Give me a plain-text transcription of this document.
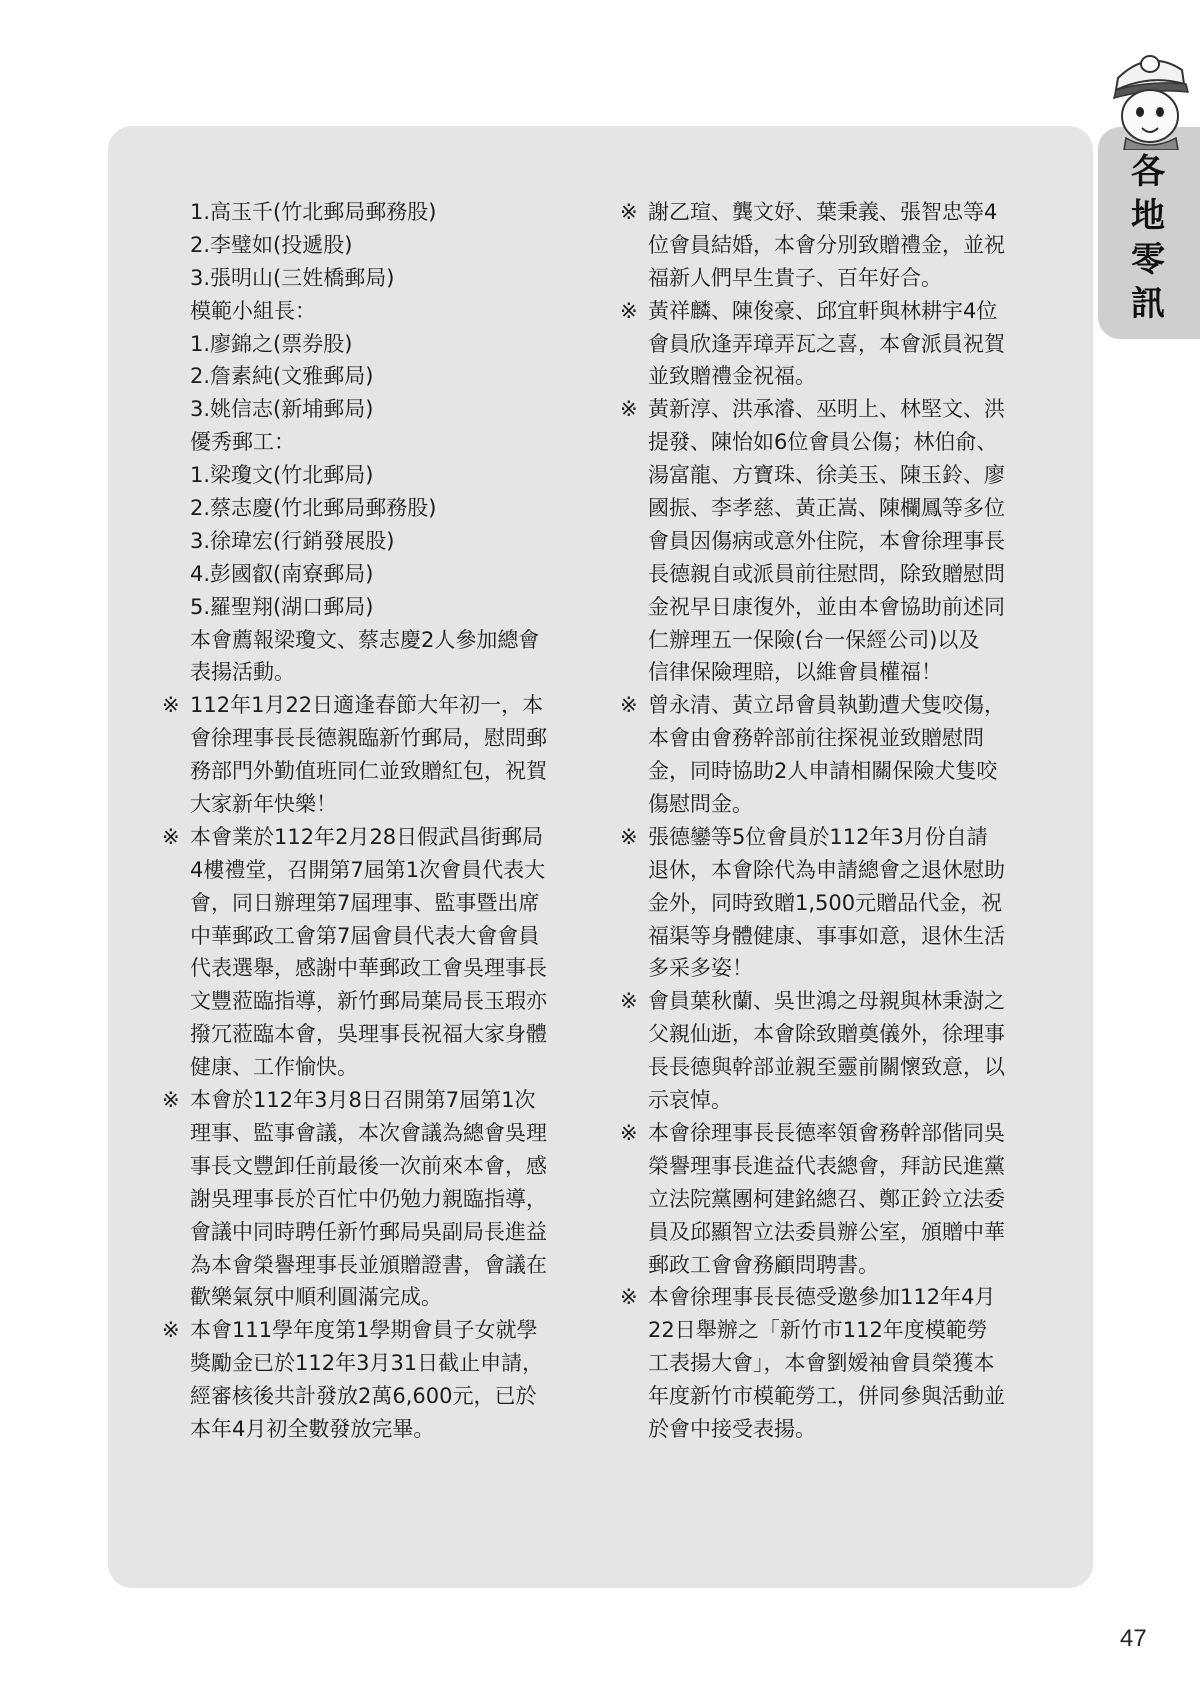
各
地
零
訊
1.高玉千(竹北郵局郵務股)
2.李璧如(投遞股)
3.張明山(三姓橋郵局)
模範小組長：
1.廖錦之(票券股)
2.詹素純(文雅郵局)
3.姚信志(新埔郵局)
優秀郵工：
1.梁瓊文(竹北郵局)
2.蔡志慶(竹北郵局郵務股)
3.徐瑋宏(行銷發展股)
4.彭國叡(南寮郵局)
5.羅聖翔(湖口郵局)
本會薦報梁瓊文、蔡志慶2人參加總會
表揚活動。
※ 112年1月22日適逢春節大年初一，本
會徐理事長長德親臨新竹郵局，慰問郵
務部門外勤值班同仁並致贈紅包，祝賀
大家新年快樂！
※ 本會業於112年2月28日假武昌街郵局
4樓禮堂，召開第7屆第1次會員代表大
會，同日辦理第7屆理事、監事暨出席
中華郵政工會第7屆會員代表大會會員
代表選舉，感謝中華郵政工會吳理事長
文豐蒞臨指導，新竹郵局葉局長玉瑕亦
撥冗蒞臨本會，吳理事長祝福大家身體
健康、工作愉快。
※ 本會於112年3月8日召開第7屆第1次
理事、監事會議，本次會議為總會吳理
事長文豐卸任前最後一次前來本會，感
謝吳理事長於百忙中仍勉力親臨指導，
會議中同時聘任新竹郵局吳副局長進益
為本會榮譽理事長並頒贈證書，會議在
歡樂氣氛中順利圓滿完成。
※ 本會111學年度第1學期會員子女就學
獎勵金已於112年3月31日截止申請，
經審核後共計發放2萬6,600元，已於
本年4月初全數發放完畢。
※ 謝乙瑄、龔文妤、葉秉義、張智忠等4
位會員結婚，本會分別致贈禮金，並祝
福新人們早生貴子、百年好合。
※ 黃祥麟、陳俊豪、邱宜軒與林耕宇4位
會員欣逢弄璋弄瓦之喜，本會派員祝賀
並致贈禮金祝福。
※ 黃新淳、洪承濬、巫明上、林堅文、洪
提發、陳怡如6位會員公傷；林伯俞、
湯富龍、方寶珠、徐美玉、陳玉鈴、廖
國振、李孝慈、黃正嵩、陳欄鳳等多位
會員因傷病或意外住院，本會徐理事長
長德親自或派員前往慰問，除致贈慰問
金祝早日康復外，並由本會協助前述同
仁辦理五一保險(台一保經公司)以及
信律保險理賠，以維會員權福！
※ 曾永清、黃立昂會員執勤遭犬隻咬傷，
本會由會務幹部前往探視並致贈慰問
金，同時協助2人申請相關保險犬隻咬
傷慰問金。
※ 張德鑾等5位會員於112年3月份自請
退休，本會除代為申請總會之退休慰助
金外，同時致贈1,500元贈品代金，祝
福渠等身體健康、事事如意，退休生活
多采多姿！
※ 會員葉秋蘭、吳世鴻之母親與林秉澍之
父親仙逝，本會除致贈奠儀外，徐理事
長長德與幹部並親至靈前關懷致意，以
示哀悼。
※ 本會徐理事長長德率領會務幹部偕同吳
榮譽理事長進益代表總會，拜訪民進黨
立法院黨團柯建銘總召、鄭正鈴立法委
員及邱顯智立法委員辦公室，頒贈中華
郵政工會會務顧問聘書。
※ 本會徐理事長長德受邀參加112年4月
22日舉辦之「新竹市112年度模範勞
工表揚大會」，本會劉嫒袖會員榮獲本
年度新竹市模範勞工，併同參與活動並
於會中接受表揚。
47
